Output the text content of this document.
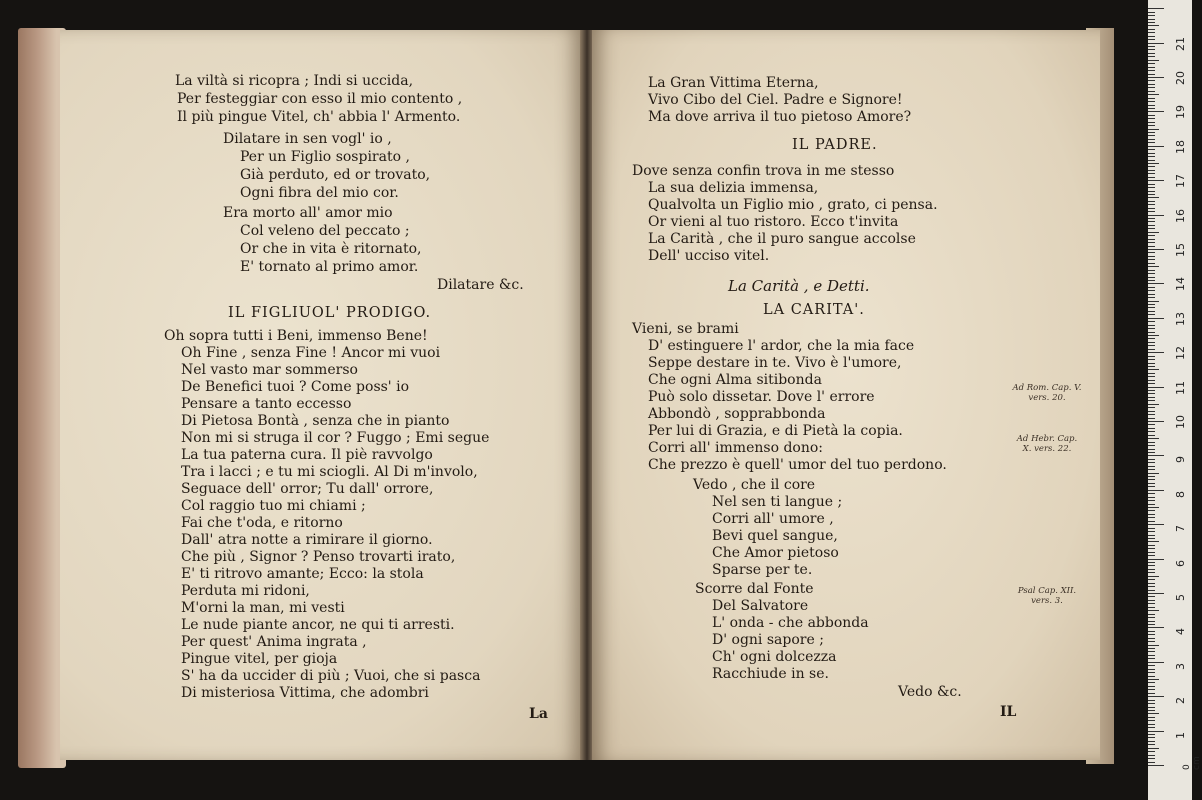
La viltà si ricopra ; Indi si uccida,
Per festeggiar con esso il mio contento ,
Il più pingue Vitel, ch' abbia l' Armento.
Dilatare in sen vogl' io ,
Per un Figlio sospirato ,
Già perduto, ed or trovato,
Ogni fibra del mio cor.
Era morto all' amor mio
Col veleno del peccato ;
Or che in vita è ritornato,
E' tornato al primo amor.
Dilatare &c.
IL FIGLIUOL' PRODIGO.
Oh sopra tutti i Beni, immenso Bene!
Oh Fine , senza Fine ! Ancor mi vuoi
Nel vasto mar sommerso
De Benefici tuoi ? Come poss' io
Pensare a tanto eccesso
Di Pietosa Bontà , senza che in pianto
Non mi si struga il cor ? Fuggo ; Emi segue
La tua paterna cura. Il piè ravvolgo
Tra i lacci ; e tu mi sciogli. Al Di m'involo,
Seguace dell' orror; Tu dall' orrore,
Col raggio tuo mi chiami ;
Fai che t'oda, e ritorno
Dall' atra notte a rimirare il giorno.
Che più , Signor ? Penso trovarti irato,
E' ti ritrovo amante; Ecco: la stola
Perduta mi ridoni,
M'orni la man, mi vesti
Le nude piante ancor, ne qui ti arresti.
Per quest' Anima ingrata ,
Pingue vitel, per gioja
S' ha da uccider di più ; Vuoi, che si pasca
Di misteriosa Vittima, che adombri
La
La Gran Vittima Eterna,
Vivo Cibo del Ciel. Padre e Signore!
Ma dove arriva il tuo pietoso Amore?
IL PADRE.
Dove senza confin trova in me stesso
La sua delizia immensa,
Qualvolta un Figlio mio , grato, ci pensa.
Or vieni al tuo ristoro. Ecco t'invita
La Carità , che il puro sangue accolse
Dell' ucciso vitel.
La Carità , e Detti.
LA CARITA'.
Vieni, se brami
D' estinguere l' ardor, che la mia face
Seppe destare in te. Vivo è l'umore,
Che ogni Alma sitibonda
Può solo dissetar. Dove l' errore
Abbondò , sopprabbonda
Per lui di Grazia, e di Pietà la copia.
Corri all' immenso dono:
Che prezzo è quell' umor del tuo perdono.
Vedo , che il core
Nel sen ti langue ;
Corri all' umore ,
Bevi quel sangue,
Che Amor pietoso
Sparse per te.
Scorre dal Fonte
Del Salvatore
L' onda - che abbonda
D' ogni sapore ;
Ch' ogni dolcezza
Racchiude in se.
Vedo &c.
IL
Ad Rom. Cap. V. vers. 20.
Ad Hebr. Cap. X. vers. 22.
Psal Cap. XII. vers. 3.
21
20
19
18
17
16
15
14
13
12
11
10
9
8
7
6
5
4
3
2
1
0 cm
